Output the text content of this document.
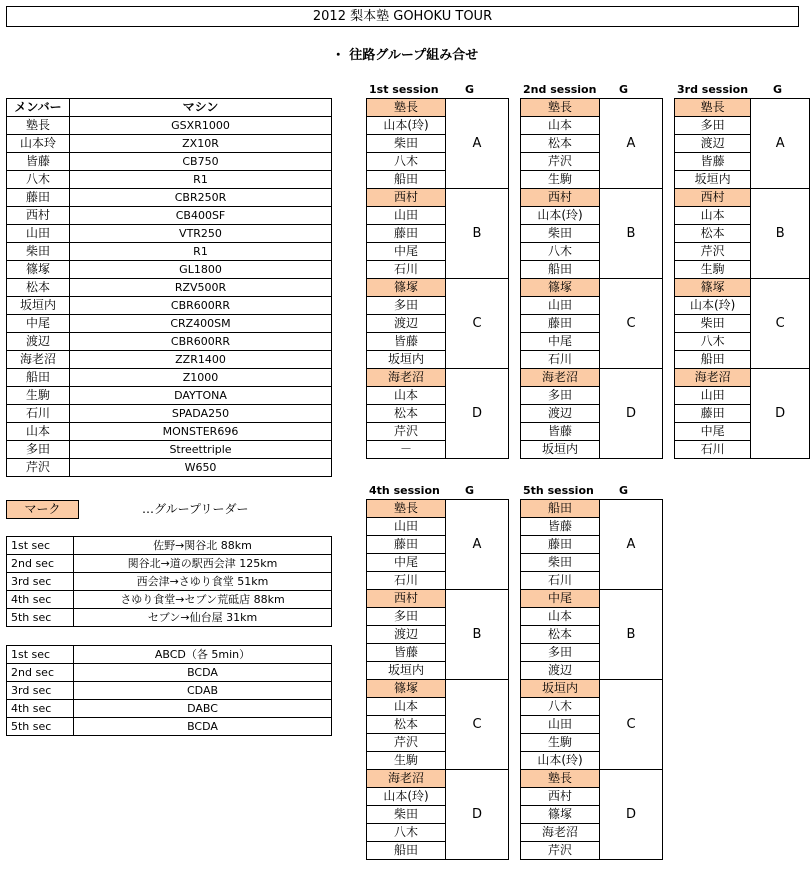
2012 梨本塾 GOHOKU TOUR
・ 往路グループ組み合せ
メンバー	マシン
塾長	GSXR1000
山本玲	ZX10R
皆藤	CB750
八木	R1
藤田	CBR250R
西村	CB400SF
山田	VTR250
柴田	R1
篠塚	GL1800
松本	RZV500R
坂垣内	CBR600RR
中尾	CRZ400SM
渡辺	CBR600RR
海老沼	ZZR1400
船田	Z1000
生駒	DAYTONA
石川	SPADA250
山本	MONSTER696
多田	Streettriple
芹沢	W650
マーク	…グループリーダー
1st sec	佐野→関谷北 88km
2nd sec	関谷北→道の駅西会津 125km
3rd sec	西会津→さゆり食堂 51km
4th sec	さゆり食堂→セブン荒砥店 88km
5th sec	セブン→仙台屋 31km
1st sec	ABCD（各 5min）
2nd sec	BCDA
3rd sec	CDAB
4th sec	DABC
5th sec	BCDA
1st session G
塾長	A
山本(玲)	
柴田	
八木	
船田	
西村	B
山田	
藤田	
中尾	
石川	
篠塚	C
多田	
渡辺	
皆藤	
坂垣内	
海老沼	D
山本	
松本	
芹沢	
－	
2nd session G
塾長	A
山本	
松本	
芹沢	
生駒	
西村	B
山本(玲)	
柴田	
八木	
船田	
篠塚	C
山田	
藤田	
中尾	
石川	
海老沼	D
多田	
渡辺	
皆藤	
坂垣内	
3rd session G
塾長	A
多田	
渡辺	
皆藤	
坂垣内	
西村	B
山本	
松本	
芹沢	
生駒	
篠塚	C
山本(玲)	
柴田	
八木	
船田	
海老沼	D
山田	
藤田	
中尾	
石川	
4th session G
塾長	A
山田	
藤田	
中尾	
石川	
西村	B
多田	
渡辺	
皆藤	
坂垣内	
篠塚	C
山本	
松本	
芹沢	
生駒	
海老沼	D
山本(玲)	
柴田	
八木	
船田	
5th session G
船田	A
皆藤	
藤田	
柴田	
石川	
中尾	B
山本	
松本	
多田	
渡辺	
坂垣内	C
八木	
山田	
生駒	
山本(玲)	
塾長	D
西村	
篠塚	
海老沼	
芹沢	
